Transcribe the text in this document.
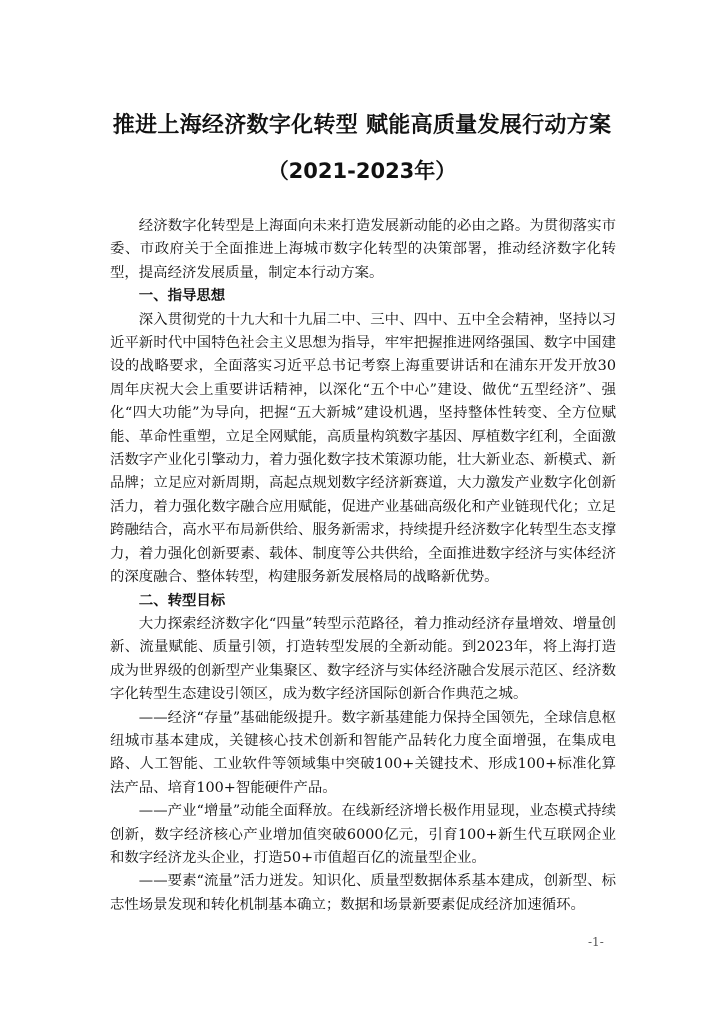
推进上海经济数字化转型 赋能高质量发展行动方案
（2021-2023年）

经济数字化转型是上海面向未来打造发展新动能的必由之路。为贯彻落实市委、市政府关于全面推进上海城市数字化转型的决策部署，推动经济数字化转型，提高经济发展质量，制定本行动方案。

一、指导思想

深入贯彻党的十九大和十九届二中、三中、四中、五中全会精神，坚持以习近平新时代中国特色社会主义思想为指导，牢牢把握推进网络强国、数字中国建设的战略要求，全面落实习近平总书记考察上海重要讲话和在浦东开发开放30周年庆祝大会上重要讲话精神，以深化“五个中心”建设、做优“五型经济”、强化“四大功能”为导向，把握“五大新城”建设机遇，坚持整体性转变、全方位赋能、革命性重塑，立足全网赋能，高质量构筑数字基因、厚植数字红利，全面激活数字产业化引擎动力，着力强化数字技术策源功能，壮大新业态、新模式、新品牌；立足应对新周期，高起点规划数字经济新赛道，大力激发产业数字化创新活力，着力强化数字融合应用赋能，促进产业基础高级化和产业链现代化；立足跨融结合，高水平布局新供给、服务新需求，持续提升经济数字化转型生态支撑力，着力强化创新要素、载体、制度等公共供给，全面推进数字经济与实体经济的深度融合、整体转型，构建服务新发展格局的战略新优势。

二、转型目标

大力探索经济数字化“四量”转型示范路径，着力推动经济存量增效、增量创新、流量赋能、质量引领，打造转型发展的全新动能。到2023年，将上海打造成为世界级的创新型产业集聚区、数字经济与实体经济融合发展示范区、经济数字化转型生态建设引领区，成为数字经济国际创新合作典范之城。

——经济“存量”基础能级提升。数字新基建能力保持全国领先，全球信息枢纽城市基本建成，关键核心技术创新和智能产品转化力度全面增强，在集成电路、人工智能、工业软件等领域集中突破100+关键技术、形成100+标准化算法产品、培育100+智能硬件产品。

——产业“增量”动能全面释放。在线新经济增长极作用显现，业态模式持续创新，数字经济核心产业增加值突破6000亿元，引育100+新生代互联网企业和数字经济龙头企业，打造50+市值超百亿的流量型企业。

——要素“流量”活力迸发。知识化、质量型数据体系基本建成，创新型、标志性场景发现和转化机制基本确立；数据和场景新要素促成经济加速循环。

-1-
